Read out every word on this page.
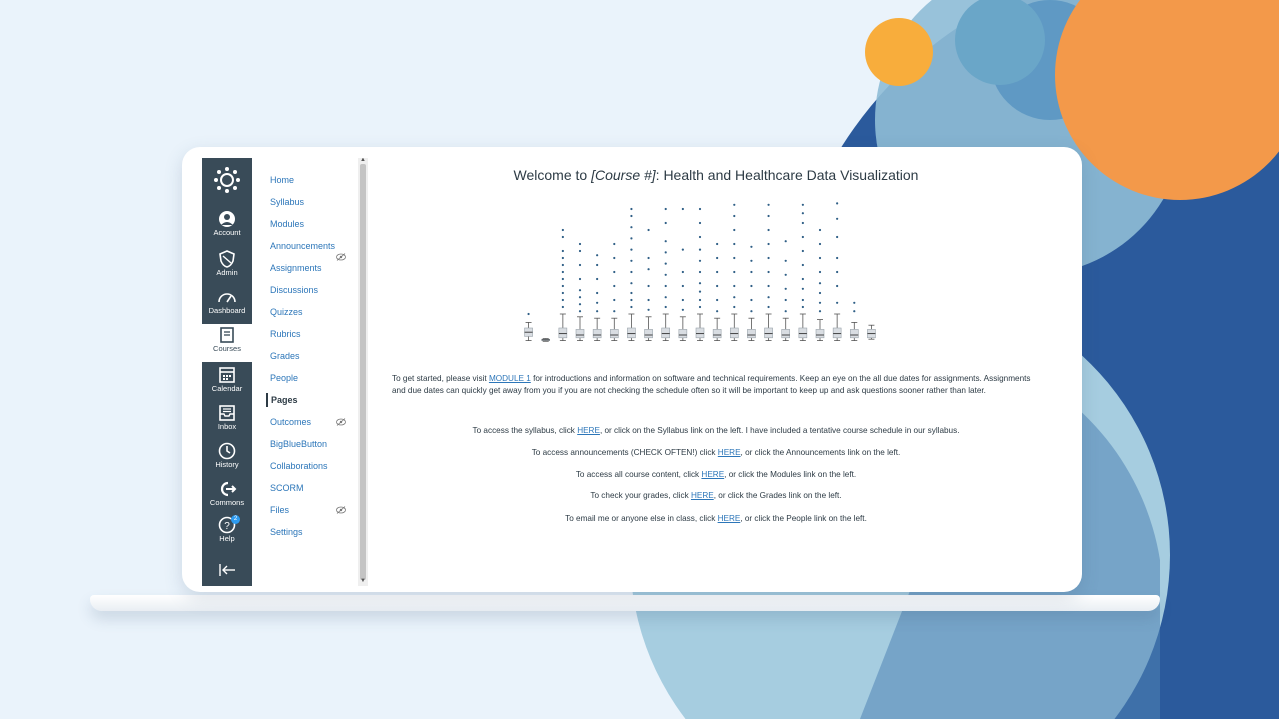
Account
Admin
Dashboard
Courses
Calendar
Inbox
History
Commons
?
2
Help
Home
Syllabus
Modules
Announcements
Assignments
Discussions
Quizzes
Rubrics
Grades
People
Pages
Outcomes
BigBlueButton
Collaborations
SCORM
Files
Settings
▲
▼
Welcome to [Course #]: Health and Healthcare Data Visualization
To get started, please visit MODULE 1 for introductions and information on software and technical requirements. Keep an eye on the all due dates for assignments. Assignments and due dates can quickly get away from you if you are not checking the schedule often so it will be important to keep up and ask questions sooner rather than later.
To access the syllabus, click HERE, or click on the Syllabus link on the left. I have included a tentative course schedule in our syllabus.
To access announcements (CHECK OFTEN!) click HERE, or click the Announcements link on the left.
To access all course content, click HERE, or click the Modules link on the left.
To check your grades, click HERE, or click the Grades link on the left.
To email me or anyone else in class, click HERE, or click the People link on the left.
